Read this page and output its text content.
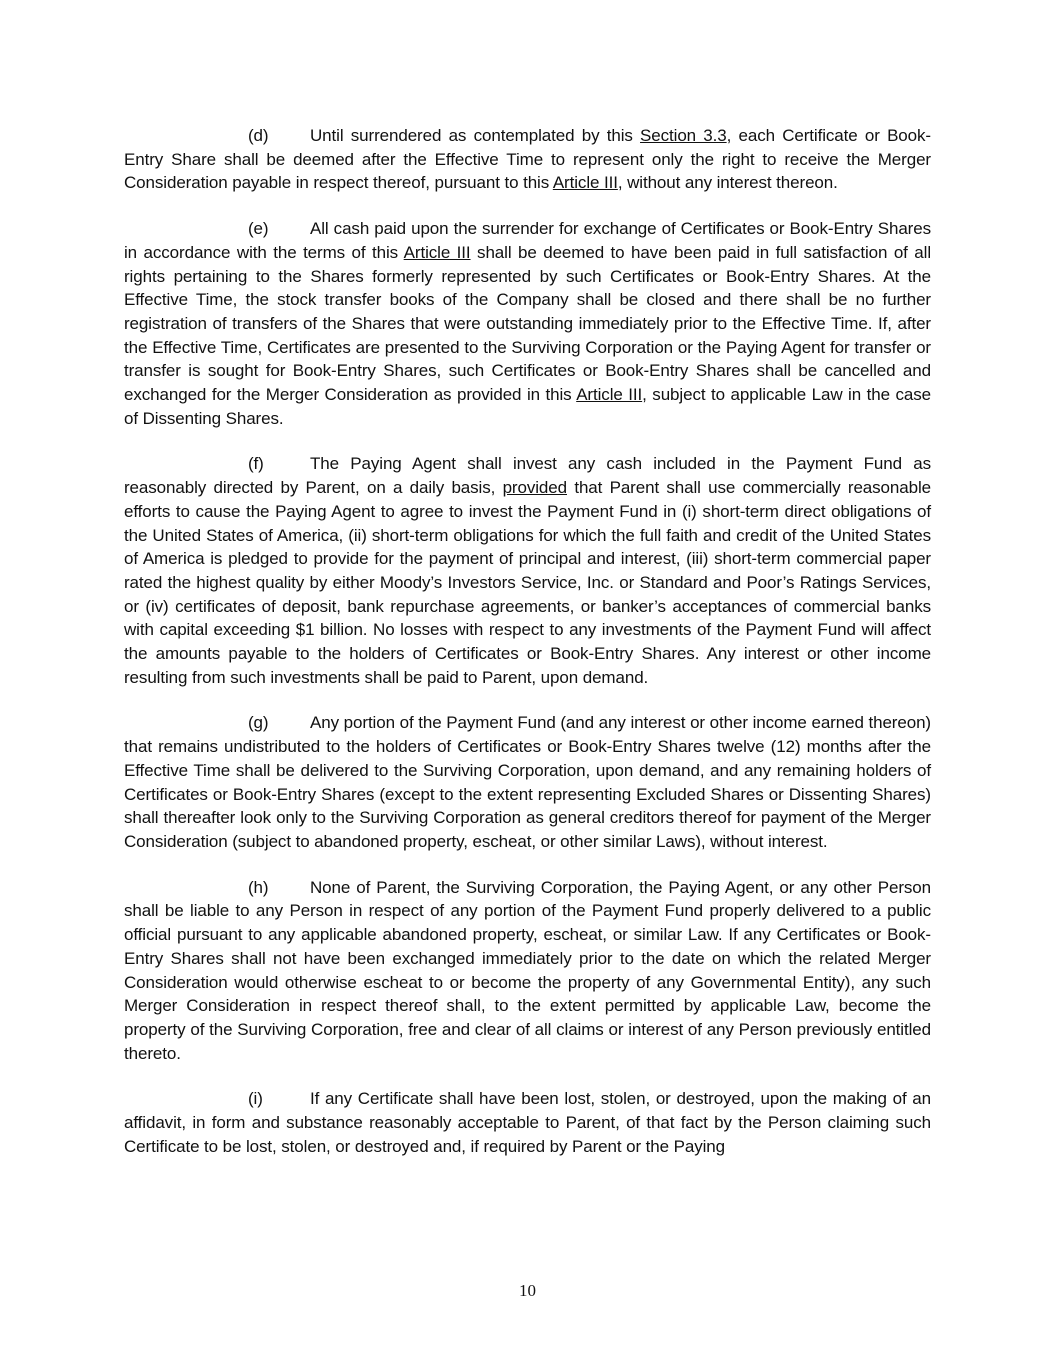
(d) Until surrendered as contemplated by this Section 3.3, each Certificate or Book-Entry Share shall be deemed after the Effective Time to represent only the right to receive the Merger Consideration payable in respect thereof, pursuant to this Article III, without any interest thereon.

(e) All cash paid upon the surrender for exchange of Certificates or Book-Entry Shares in accordance with the terms of this Article III shall be deemed to have been paid in full satisfaction of all rights pertaining to the Shares formerly represented by such Certificates or Book-Entry Shares. At the Effective Time, the stock transfer books of the Company shall be closed and there shall be no further registration of transfers of the Shares that were outstanding immediately prior to the Effective Time. If, after the Effective Time, Certificates are presented to the Surviving Corporation or the Paying Agent for transfer or transfer is sought for Book-Entry Shares, such Certificates or Book-Entry Shares shall be cancelled and exchanged for the Merger Consideration as provided in this Article III, subject to applicable Law in the case of Dissenting Shares.

(f)	The Paying Agent shall invest any cash included in the Payment Fund as reasonably directed by Parent, on a daily basis, provided that Parent shall use commercially reasonable efforts to cause the Paying Agent to agree to invest the Payment Fund in (i) short-term direct obligations of the United States of America, (ii) short-term obligations for which the full faith and credit of the United States of America is pledged to provide for the payment of principal and interest, (iii) short-term commercial paper rated the highest quality by either Moody’s Investors Service, Inc. or Standard and Poor’s Ratings Services, or (iv) certificates of deposit, bank repurchase agreements, or banker’s acceptances of commercial banks with capital exceeding $1 billion. No losses with respect to any investments of the Payment Fund will affect the amounts payable to the holders of Certificates or Book-Entry Shares. Any interest or other income resulting from such investments shall be paid to Parent, upon demand.

(g) Any portion of the Payment Fund (and any interest or other income earned thereon) that remains undistributed to the holders of Certificates or Book-Entry Shares twelve (12) months after the Effective Time shall be delivered to the Surviving Corporation, upon demand, and any remaining holders of Certificates or Book-Entry Shares (except to the extent representing Excluded Shares or Dissenting Shares) shall thereafter look only to the Surviving Corporation as general creditors thereof for payment of the Merger Consideration (subject to abandoned property, escheat, or other similar Laws), without interest.

(h) None of Parent, the Surviving Corporation, the Paying Agent, or any other Person shall be liable to any Person in respect of any portion of the Payment Fund properly delivered to a public official pursuant to any applicable abandoned property, escheat, or similar Law. If any Certificates or Book-Entry Shares shall not have been exchanged immediately prior to the date on which the related Merger Consideration would otherwise escheat to or become the property of any Governmental Entity), any such Merger Consideration in respect thereof shall, to the extent permitted by applicable Law, become the property of the Surviving Corporation, free and clear of all claims or interest of any Person previously entitled thereto.

(i)	If any Certificate shall have been lost, stolen, or destroyed, upon the making of an affidavit, in form and substance reasonably acceptable to Parent, of that fact by the Person claiming such Certificate to be lost, stolen, or destroyed and, if required by Parent or the Paying

10
